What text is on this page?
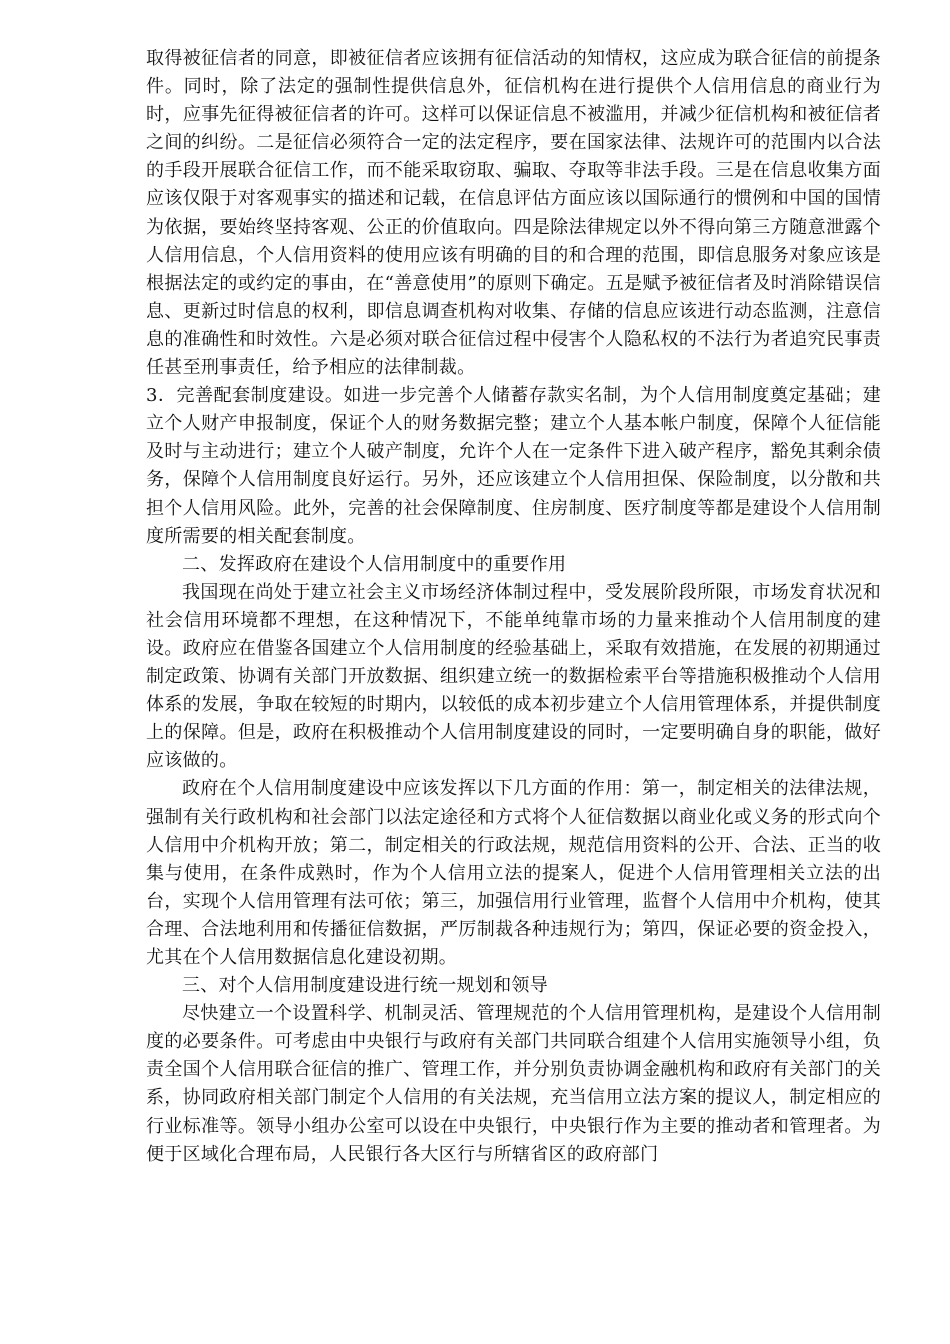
取得被征信者的同意，即被征信者应该拥有征信活动的知情权，这应成为联合征信的前提条件。同时，除了法定的强制性提供信息外，征信机构在进行提供个人信用信息的商业行为时，应事先征得被征信者的许可。这样可以保证信息不被滥用，并减少征信机构和被征信者之间的纠纷。二是征信必须符合一定的法定程序，要在国家法律、法规许可的范围内以合法的手段开展联合征信工作，而不能采取窃取、骗取、夺取等非法手段。三是在信息收集方面应该仅限于对客观事实的描述和记载，在信息评估方面应该以国际通行的惯例和中国的国情为依据，要始终坚持客观、公正的价值取向。四是除法律规定以外不得向第三方随意泄露个人信用信息，个人信用资料的使用应该有明确的目的和合理的范围，即信息服务对象应该是根据法定的或约定的事由，在“善意使用”的原则下确定。五是赋予被征信者及时消除错误信息、更新过时信息的权利，即信息调查机构对收集、存储的信息应该进行动态监测，注意信息的准确性和时效性。六是必须对联合征信过程中侵害个人隐私权的不法行为者追究民事责任甚至刑事责任，给予相应的法律制裁。

3．完善配套制度建设。如进一步完善个人储蓄存款实名制，为个人信用制度奠定基础；建立个人财产申报制度，保证个人的财务数据完整；建立个人基本帐户制度，保障个人征信能及时与主动进行；建立个人破产制度，允许个人在一定条件下进入破产程序，豁免其剩余债务，保障个人信用制度良好运行。另外，还应该建立个人信用担保、保险制度，以分散和共担个人信用风险。此外，完善的社会保障制度、住房制度、医疗制度等都是建设个人信用制度所需要的相关配套制度。

二、发挥政府在建设个人信用制度中的重要作用

我国现在尚处于建立社会主义市场经济体制过程中，受发展阶段所限，市场发育状况和社会信用环境都不理想，在这种情况下，不能单纯靠市场的力量来推动个人信用制度的建设。政府应在借鉴各国建立个人信用制度的经验基础上，采取有效措施，在发展的初期通过制定政策、协调有关部门开放数据、组织建立统一的数据检索平台等措施积极推动个人信用体系的发展，争取在较短的时期内，以较低的成本初步建立个人信用管理体系，并提供制度上的保障。但是，政府在积极推动个人信用制度建设的同时，一定要明确自身的职能，做好应该做的。

政府在个人信用制度建设中应该发挥以下几方面的作用：第一，制定相关的法律法规，强制有关行政机构和社会部门以法定途径和方式将个人征信数据以商业化或义务的形式向个人信用中介机构开放；第二，制定相关的行政法规，规范信用资料的公开、合法、正当的收集与使用，在条件成熟时，作为个人信用立法的提案人，促进个人信用管理相关立法的出台，实现个人信用管理有法可依；第三，加强信用行业管理，监督个人信用中介机构，使其合理、合法地利用和传播征信数据，严厉制裁各种违规行为；第四，保证必要的资金投入，尤其在个人信用数据信息化建设初期。

三、对个人信用制度建设进行统一规划和领导

尽快建立一个设置科学、机制灵活、管理规范的个人信用管理机构，是建设个人信用制度的必要条件。可考虑由中央银行与政府有关部门共同联合组建个人信用实施领导小组，负责全国个人信用联合征信的推广、管理工作，并分别负责协调金融机构和政府有关部门的关系，协同政府相关部门制定个人信用的有关法规，充当信用立法方案的提议人，制定相应的行业标准等。领导小组办公室可以设在中央银行，中央银行作为主要的推动者和管理者。为便于区域化合理布局，人民银行各大区行与所辖省区的政府部门
